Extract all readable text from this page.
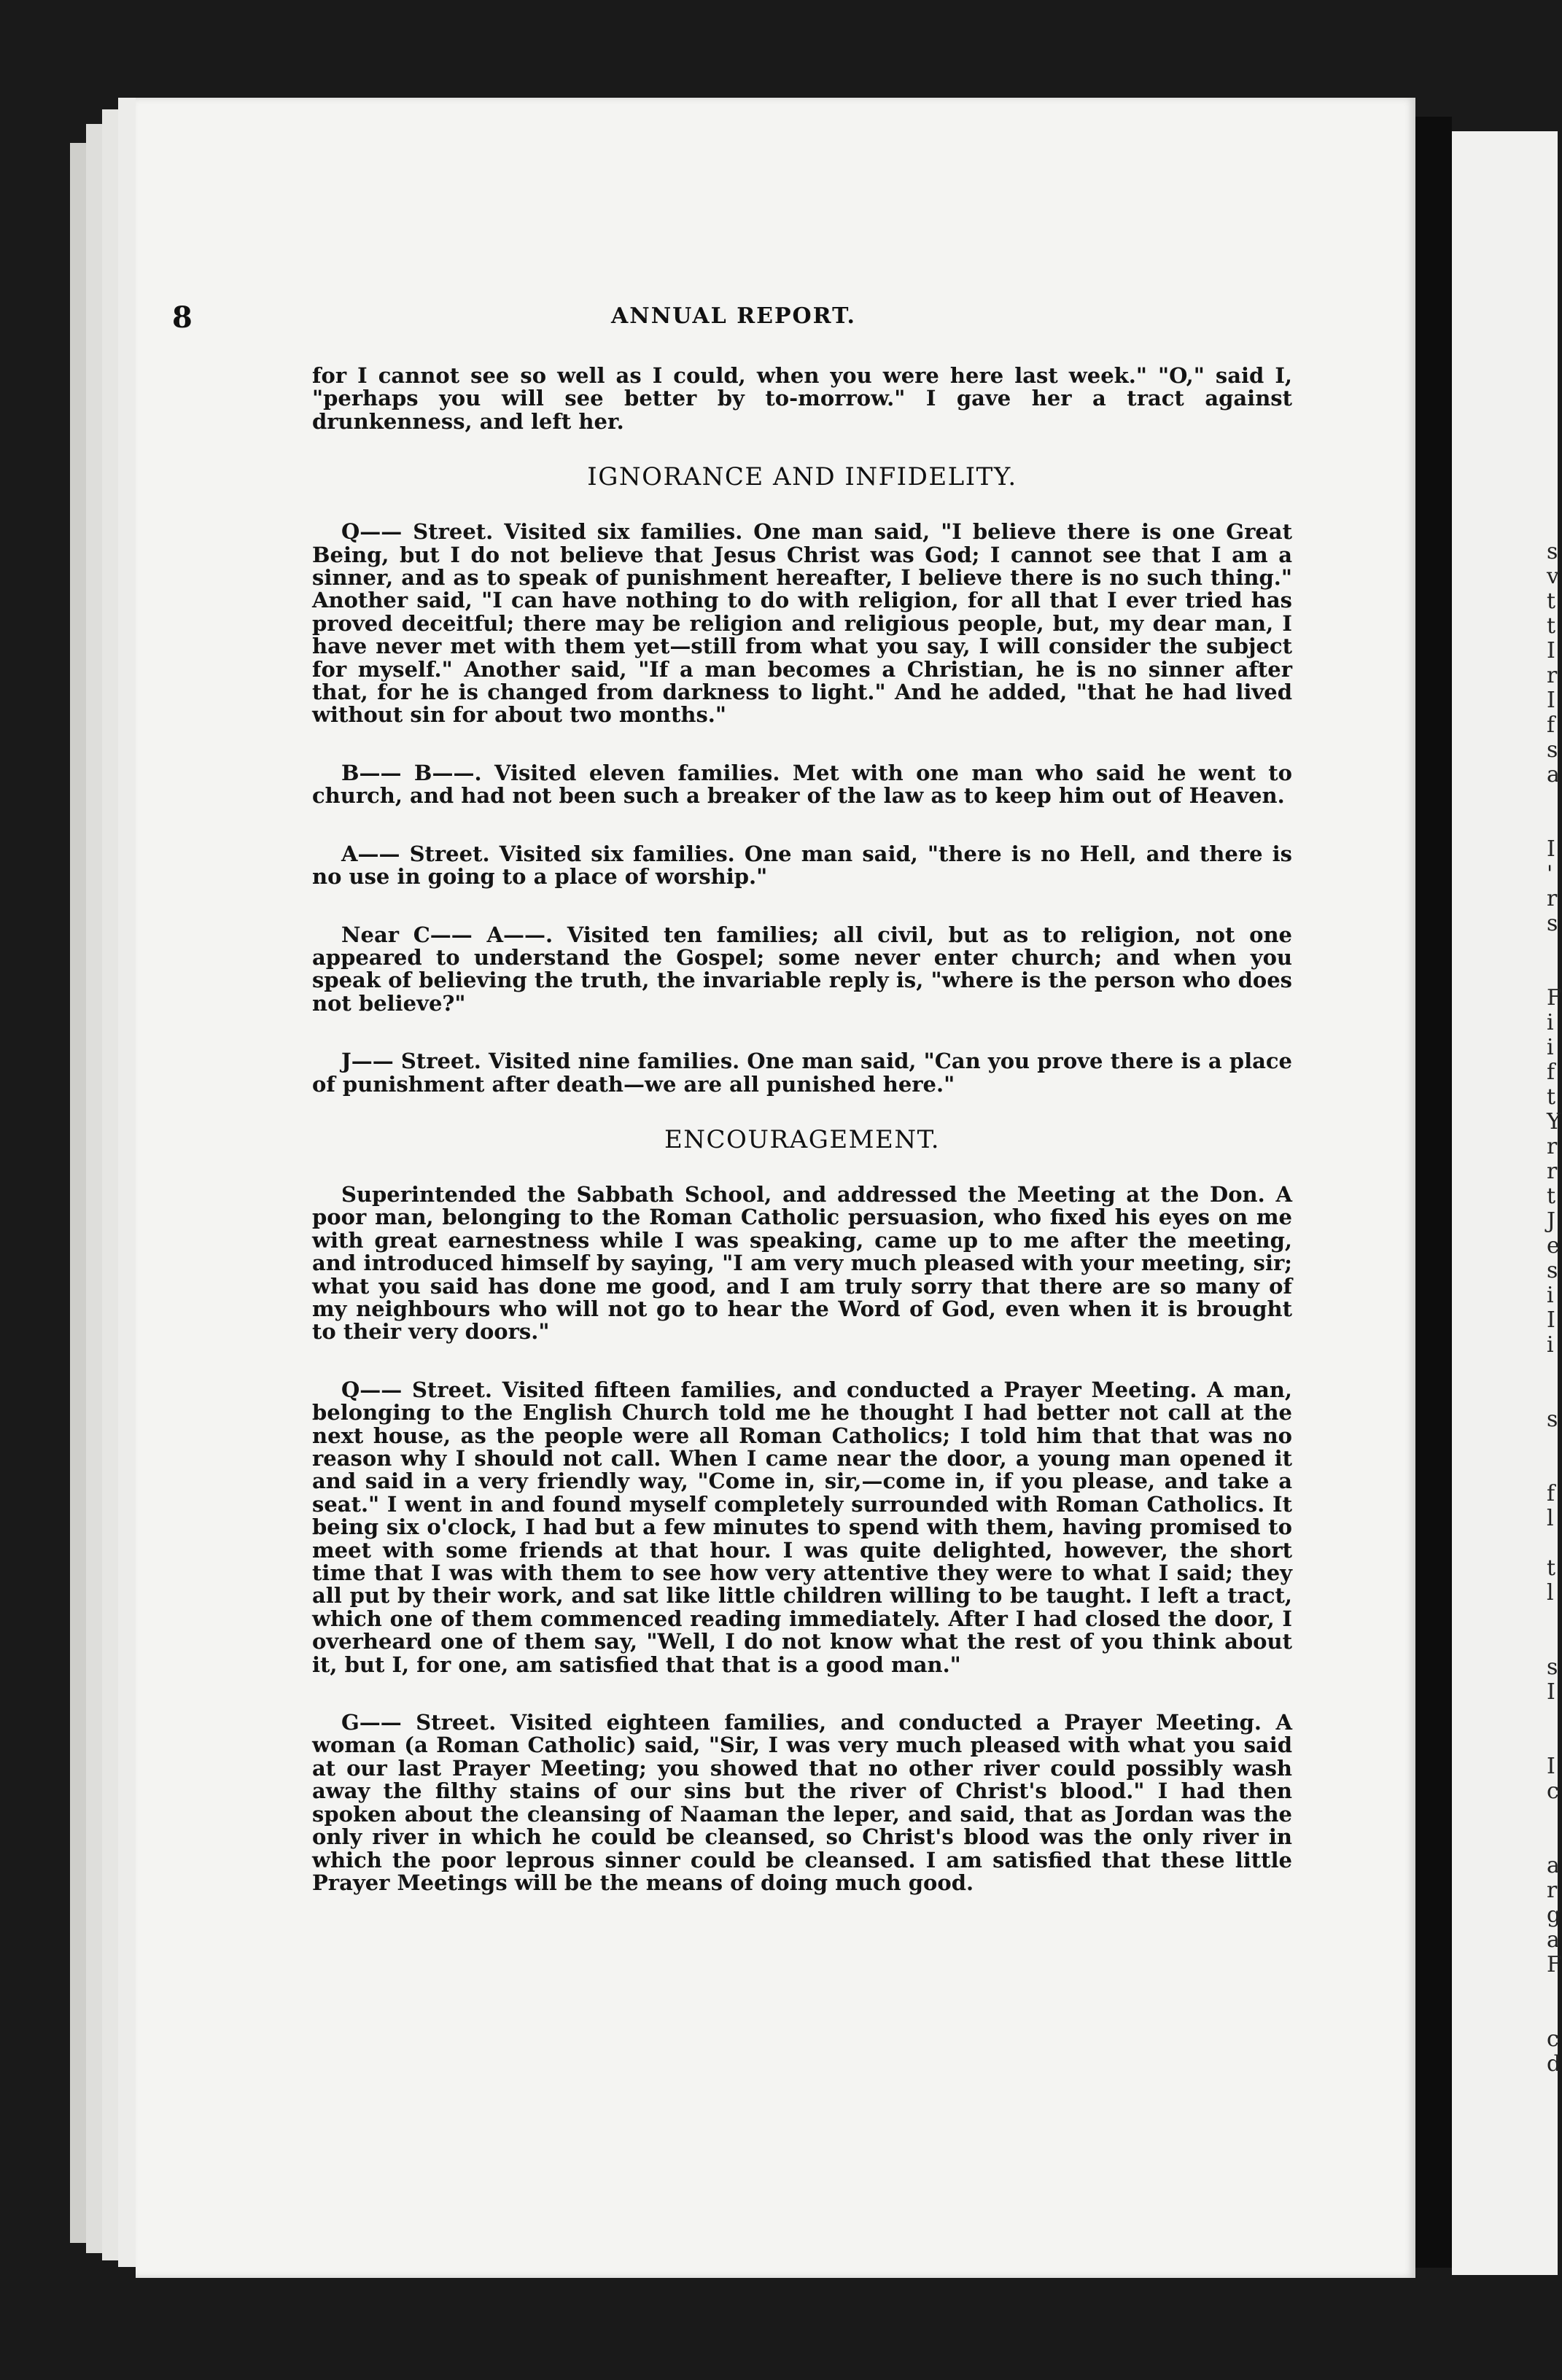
s
v
t
t
I
r
I
f
s
a

I
'
r
s

F
i
i
f
t
Y
r
r
t
J
e
s
i
I
i

s

f
l

t
l

s
I

I
c

a
r
g
a
F

c
d
8	ANNUAL REPORT.

for I cannot see so well as I could, when you were here last week." "O," said I, "perhaps you will see better by to-morrow." I gave her a tract against drunkenness, and left her.

IGNORANCE AND INFIDELITY.

Q—— Street. Visited six families. One man said, "I believe there is one Great Being, but I do not believe that Jesus Christ was God; I cannot see that I am a sinner, and as to speak of punishment hereafter, I believe there is no such thing." Another said, "I can have nothing to do with religion, for all that I ever tried has proved deceitful; there may be religion and religious people, but, my dear man, I have never met with them yet—still from what you say, I will consider the subject for myself." Another said, "If a man becomes a Christian, he is no sinner after that, for he is changed from darkness to light." And he added, "that he had lived without sin for about two months."

B—— B——. Visited eleven families. Met with one man who said he went to church, and had not been such a breaker of the law as to keep him out of Heaven.

A—— Street. Visited six families. One man said, "there is no Hell, and there is no use in going to a place of worship."

Near C—— A——. Visited ten families; all civil, but as to religion, not one appeared to understand the Gospel; some never enter church; and when you speak of believing the truth, the invariable reply is, "where is the person who does not believe?"

J—— Street. Visited nine families. One man said, "Can you prove there is a place of punishment after death—we are all punished here."

ENCOURAGEMENT.

Superintended the Sabbath School, and addressed the Meeting at the Don. A poor man, belonging to the Roman Catholic persuasion, who fixed his eyes on me with great earnestness while I was speaking, came up to me after the meeting, and introduced himself by saying, "I am very much pleased with your meeting, sir; what you said has done me good, and I am truly sorry that there are so many of my neighbours who will not go to hear the Word of God, even when it is brought to their very doors."

Q—— Street. Visited fifteen families, and conducted a Prayer Meeting. A man, belonging to the English Church told me he thought I had better not call at the next house, as the people were all Roman Catholics; I told him that that was no reason why I should not call. When I came near the door, a young man opened it and said in a very friendly way, "Come in, sir,—come in, if you please, and take a seat." I went in and found myself completely surrounded with Roman Catholics. It being six o'clock, I had but a few minutes to spend with them, having promised to meet with some friends at that hour. I was quite delighted, however, the short time that I was with them to see how very attentive they were to what I said; they all put by their work, and sat like little children willing to be taught. I left a tract, which one of them commenced reading immediately. After I had closed the door, I overheard one of them say, "Well, I do not know what the rest of you think about it, but I, for one, am satisfied that that is a good man."

G—— Street. Visited eighteen families, and conducted a Prayer Meeting. A woman (a Roman Catholic) said, "Sir, I was very much pleased with what you said at our last Prayer Meeting; you showed that no other river could possibly wash away the filthy stains of our sins but the river of Christ's blood." I had then spoken about the cleansing of Naaman the leper, and said, that as Jordan was the only river in which he could be cleansed, so Christ's blood was the only river in which the poor leprous sinner could be cleansed. I am satisfied that these little Prayer Meetings will be the means of doing much good.
